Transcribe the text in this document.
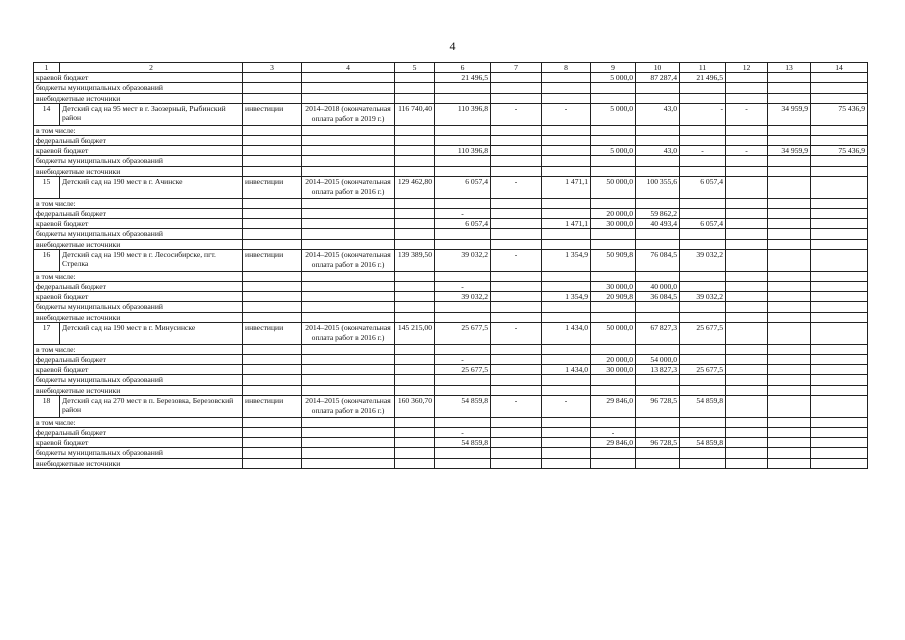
4
1	2	3	4	5	6	7	8	9	10	11	12	13	14
краевой бюджет					21 496,5			5 000,0	87 287,4	21 496,5			
бюджеты муниципальных образований													
внебюджетные источники													
14	Детский сад на 95 мест в г. Заозерный, Рыбинский район	инвестиции	2014–2018 (окончательная оплата работ в 2019 г.)	116 740,40	110 396,8	-	-	5 000,0	43,0	-	-	34 959,9	75 436,9
в том числе:													
федеральный бюджет													
краевой бюджет					110 396,8			5 000,0	43,0	-	-	34 959,9	75 436,9
бюджеты муниципальных образований													
внебюджетные источники													
15	Детский сад на 190 мест в г. Ачинске	инвестиции	2014–2015 (окончательная оплата работ в 2016 г.)	129 462,80	6 057,4	-	1 471,1	50 000,0	100 355,6	6 057,4			
в том числе:													
федеральный бюджет					-			20 000,0	59 862,2				
краевой бюджет					6 057,4		1 471,1	30 000,0	40 493,4	6 057,4			
бюджеты муниципальных образований													
внебюджетные источники													
16	Детский сад на 190 мест в г. Лесосибирске, пгт. Стрелка	инвестиции	2014–2015 (окончательная оплата работ в 2016 г.)	139 389,50	39 032,2	-	1 354,9	50 909,8	76 084,5	39 032,2			
в том числе:													
федеральный бюджет					-			30 000,0	40 000,0				
краевой бюджет					39 032,2		1 354,9	20 909,8	36 084,5	39 032,2			
бюджеты муниципальных образований													
внебюджетные источники													
17	Детский сад на 190 мест в г. Минусинске	инвестиции	2014–2015 (окончательная оплата работ в 2016 г.)	145 215,00	25 677,5	-	1 434,0	50 000,0	67 827,3	25 677,5			
в том числе:													
федеральный бюджет					-			20 000,0	54 000,0				
краевой бюджет					25 677,5		1 434,0	30 000,0	13 827,3	25 677,5			
бюджеты муниципальных образований													
внебюджетные источники													
18	Детский сад на 270 мест в п. Березовка, Березовский район	инвестиции	2014–2015 (окончательная оплата работ в 2016 г.)	160 360,70	54 859,8	-	-	29 846,0	96 728,5	54 859,8			
в том числе:													
федеральный бюджет					-			-					
краевой бюджет					54 859,8			29 846,0	96 728,5	54 859,8			
бюджеты муниципальных образований													
внебюджетные источники													
